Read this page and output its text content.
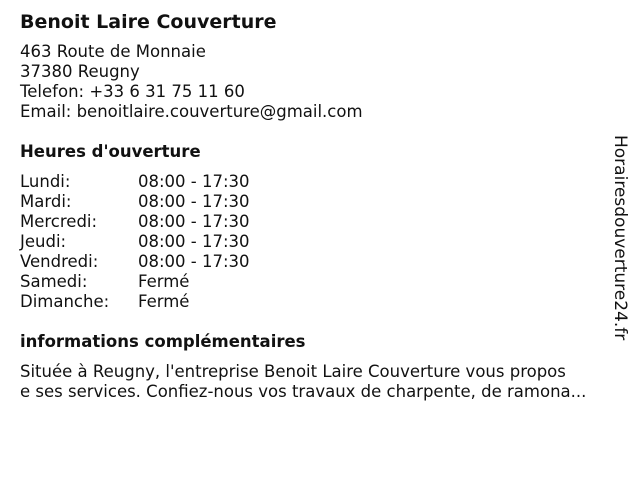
Benoit Laire Couverture
463 Route de Monnaie
37380 Reugny
Telefon: +33 6 31 75 11 60
Email: benoitlaire.couverture@gmail.com
Heures d'ouverture
Lundi:	08:00 - 17:30
Mardi:	08:00 - 17:30
Mercredi:	08:00 - 17:30
Jeudi:	08:00 - 17:30
Vendredi:	08:00 - 17:30
Samedi:	Fermé
Dimanche:	Fermé
informations complémentaires
Située à Reugny, l'entreprise Benoit Laire Couverture vous propos
e ses services. Confiez-nous vos travaux de charpente, de ramona...
Horairesdouverture24.fr
